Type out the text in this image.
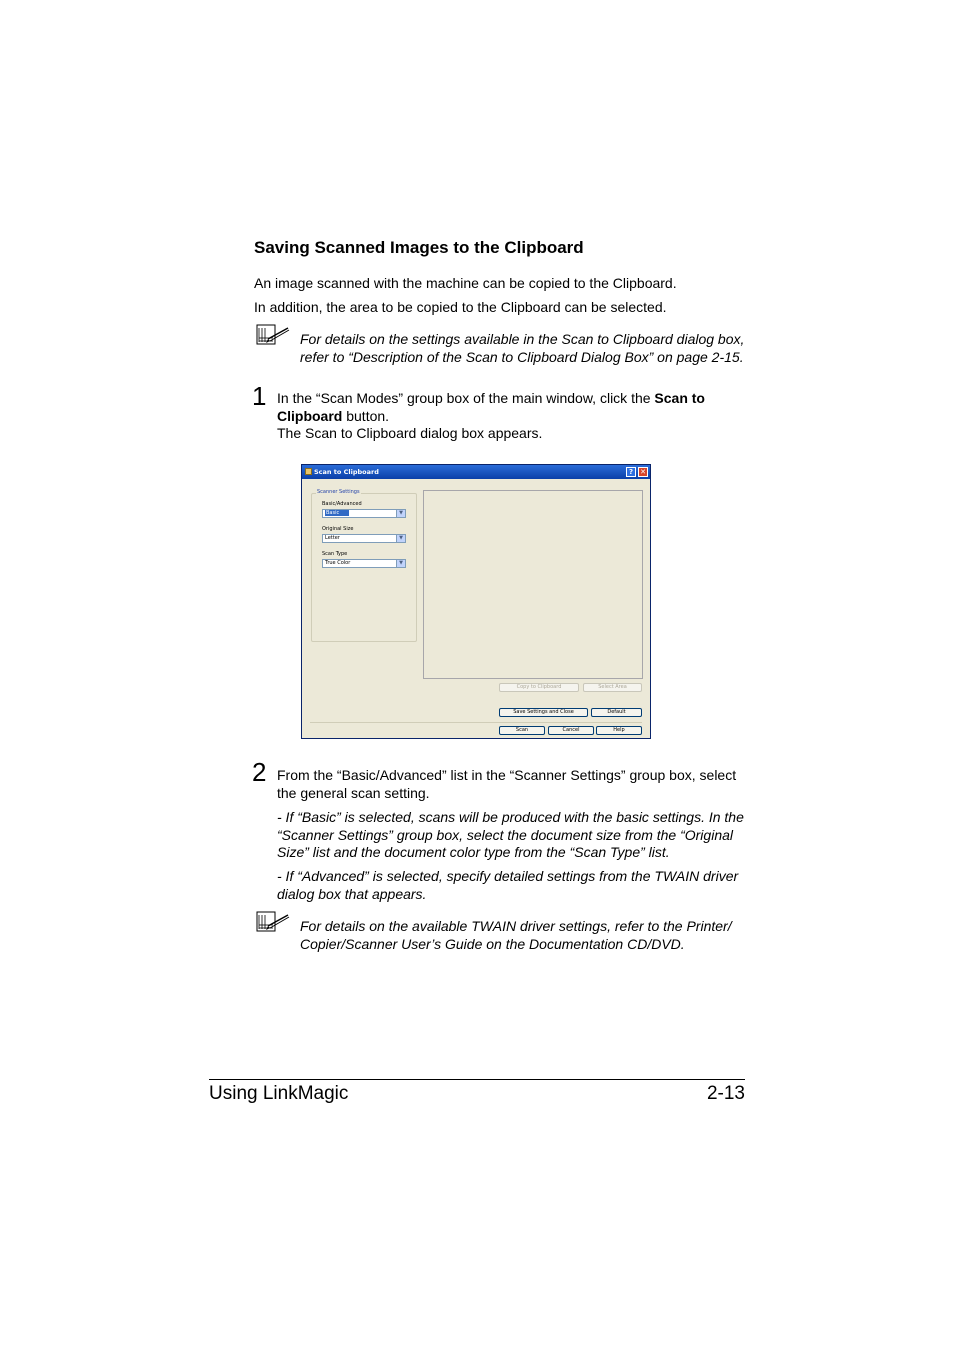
Saving Scanned Images to the Clipboard
An image scanned with the machine can be copied to the Clipboard.
In addition, the area to be copied to the Clipboard can be selected.
For details on the settings available in the Scan to Clipboard dialog box, refer to “Description of the Scan to Clipboard Dialog Box” on page 2-15.
1 In the “Scan Modes” group box of the main window, click the Scan to Clipboard button.
The Scan to Clipboard dialog box appears.
Scan to Clipboard	?	✕
Scanner Settings
Basic/Advanced
Basic	▼
Original Size
Letter	▼
Scan Type
True Color	▼
Copy to Clipboard	Select Area
Save Settings and Close	Default
Scan	Cancel	Help
2 From the “Basic/Advanced” list in the “Scanner Settings” group box, select the general scan setting.
- If “Basic” is selected, scans will be produced with the basic settings. In the “Scanner Settings” group box, select the document size from the “Original Size” list and the document color type from the “Scan Type” list.
- If “Advanced” is selected, specify detailed settings from the TWAIN driver dialog box that appears.
For details on the available TWAIN driver settings, refer to the Printer/ Copier/Scanner User’s Guide on the Documentation CD/DVD.
Using LinkMagic	2-13
